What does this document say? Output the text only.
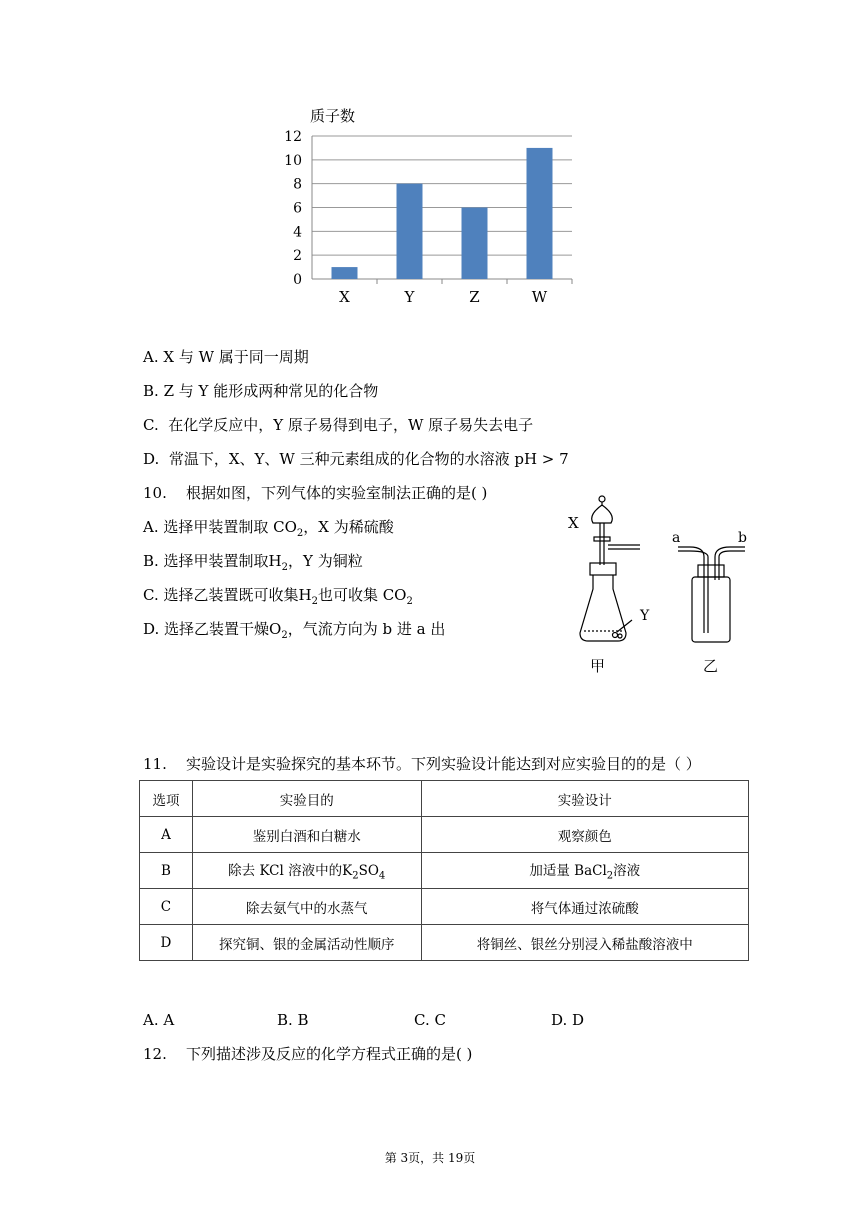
质子数
0
2
4
6
8
10
12
X	Y	Z	W
A. X 与 W 属于同一周期
B. Z 与 Y 能形成两种常见的化合物
C. 在化学反应中，Y 原子易得到电子，W 原子易失去电子
D. 常温下，X、Y、W 三种元素组成的化合物的水溶液 pH > 7
10. 根据如图，下列气体的实验室制法正确的是( )
A. 选择甲装置制取 $CO_2$，X 为稀硫酸
B. 选择甲装置制取$H_2$，Y 为铜粒
C. 选择乙装置既可收集$H_2$也可收集 $CO_2$
D. 选择乙装置干燥$O_2$，气流方向为 b 进 a 出
X
Y
a	b
甲	乙
11. 实验设计是实验探究的基本环节。下列实验设计能达到对应实验目的的是（ ）
选项	实验目的	实验设计
A	鉴别白酒和白糖水	观察颜色
B	除去 KCl 溶液中的$K_2SO_4$	加适量 BaCl$_2$溶液
C	除去氨气中的水蒸气	将气体通过浓硫酸
D	探究铜、银的金属活动性顺序	将铜丝、银丝分别浸入稀盐酸溶液中
A. A	B. B	C. C	D. D
12. 下列描述涉及反应的化学方程式正确的是( )
第 3页，共 19页
